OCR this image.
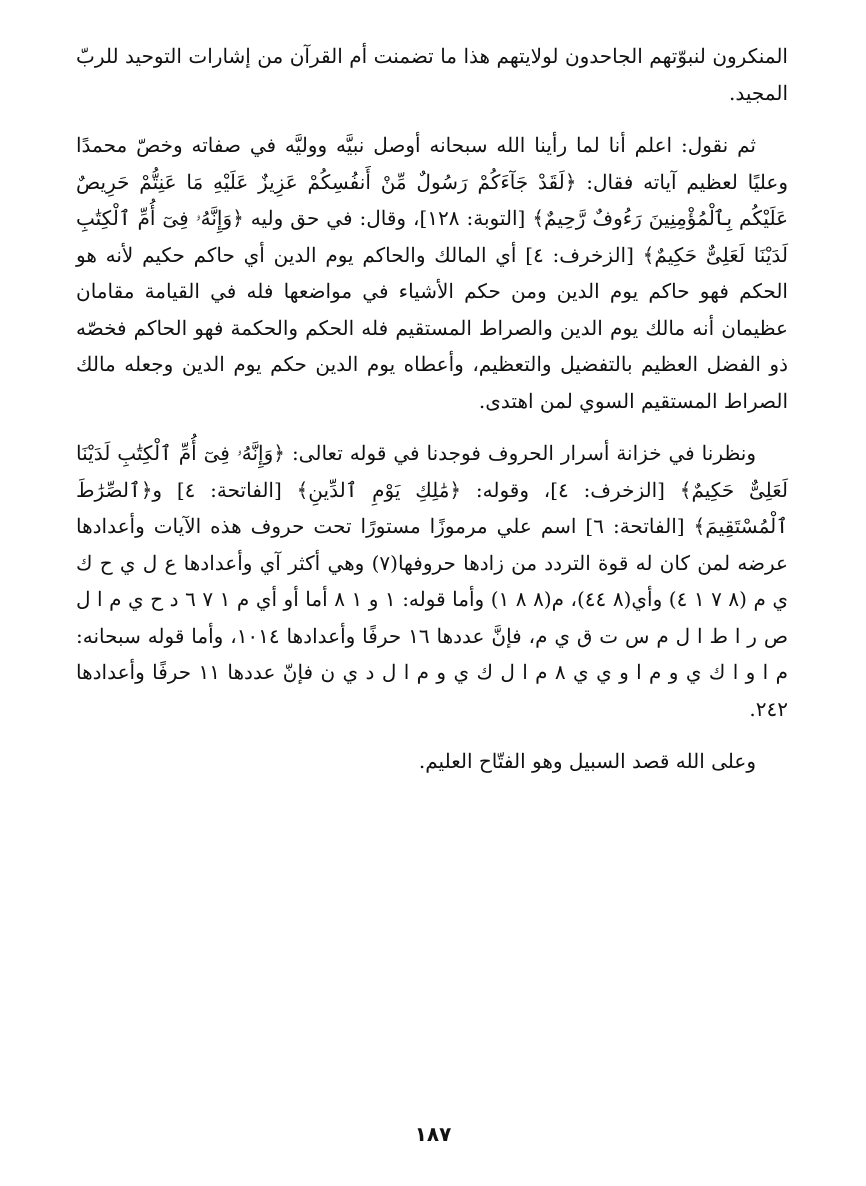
المنكرون لنبوّتهم الجاحدون لولايتهم هذا ما تضمنت أم القرآن من إشارات التوحيد للربّ المجيد.

ثم نقول: اعلم أنا لما رأينا الله سبحانه أوصل نبيَّه ووليَّه في صفاته وخصّ محمدًا وعليًا لعظيم آياته فقال: ﴿لَقَدْ جَآءَكُمْ رَسُولٌ مِّنْ أَنفُسِكُمْ عَزِيزٌ عَلَيْهِ مَا عَنِتُّمْ حَرِيصٌ عَلَيْكُم بِٱلْمُؤْمِنِينَ رَءُوفٌ رَّحِيمٌ﴾ [التوبة: ١٢٨]، وقال: في حق وليه ﴿وَإِنَّهُۥ فِىٓ أُمِّ ٱلْكِتَٰبِ لَدَيْنَا لَعَلِىٌّ حَكِيمٌ﴾ [الزخرف: ٤] أي المالك والحاكم يوم الدين أي حاكم حكيم لأنه هو الحكم فهو حاكم يوم الدين ومن حكم الأشياء في مواضعها فله في القيامة مقامان عظيمان أنه مالك يوم الدين والصراط المستقيم فله الحكم والحكمة فهو الحاكم فخصّه ذو الفضل العظيم بالتفضيل والتعظيم، وأعطاه يوم الدين حكم يوم الدين وجعله مالك الصراط المستقيم السوي لمن اهتدى.

ونظرنا في خزانة أسرار الحروف فوجدنا في قوله تعالى: ﴿وَإِنَّهُۥ فِىٓ أُمِّ ٱلْكِتَٰبِ لَدَيْنَا لَعَلِىٌّ حَكِيمٌ﴾ [الزخرف: ٤]، وقوله: ﴿مَٰلِكِ يَوْمِ ٱلدِّينِ﴾ [الفاتحة: ٤] و﴿ٱلصِّرَٰطَ ٱلْمُسْتَقِيمَ﴾ [الفاتحة: ٦] اسم علي مرموزًا مستورًا تحت حروف هذه الآيات وأعدادها عرضه لمن كان له قوة التردد من زادها حروفها(٧) وهي أكثر آي وأعدادها ع ل ي ح ك ي م (٨ ٧ ١ ٤) وأي(٨ ٤٤)، م(٨ ٨ ١) وأما قوله: ١ و ١ ٨ أما أو أي م ١ ٧ ٦ د ح ي م ا ل ص ر ا ط ا ل م س ت ق ي م، فإنَّ عددها ١٦ حرفًا وأعدادها ١٠١٤، وأما قوله سبحانه: م ا و ا ك ي و م ا و ي ي ٨ م ا ل ك ي و م ا ل د ي ن فإنّ عددها ١١ حرفًا وأعدادها ٢٤٢.

وعلى الله قصد السبيل وهو الفتّاح العليم.

١٨٧
